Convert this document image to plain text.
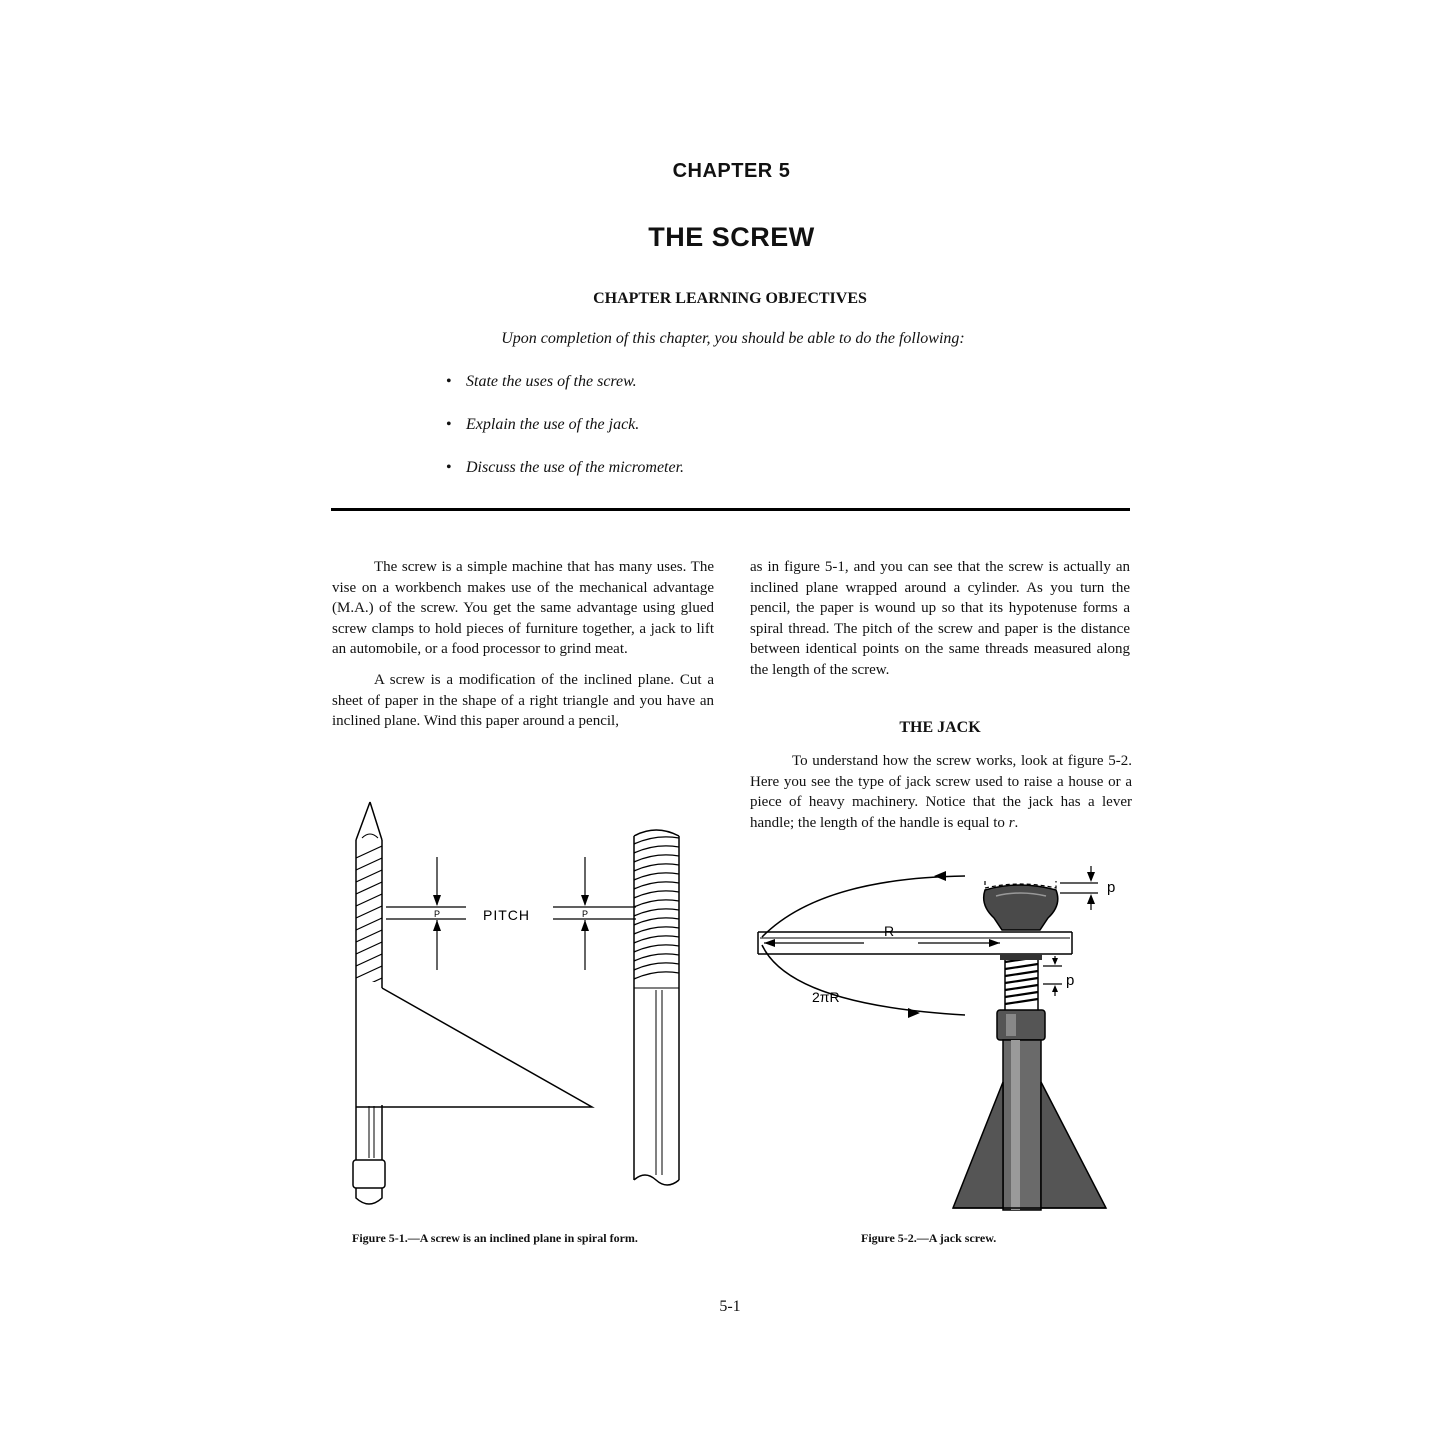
CHAPTER 5
THE SCREW
CHAPTER LEARNING OBJECTIVES
Upon completion of this chapter, you should be able to do the following:
• State the uses of the screw.
• Explain the use of the jack.
• Discuss the use of the micrometer.

The screw is a simple machine that has many uses. The vise on a workbench makes use of the mechanical advantage (M.A.) of the screw. You get the same advantage using glued screw clamps to hold pieces of furniture together, a jack to lift an automobile, or a food processor to grind meat.

A screw is a modification of the inclined plane. Cut a sheet of paper in the shape of a right triangle and you have an inclined plane. Wind this paper around a pencil,

as in figure 5-1, and you can see that the screw is actually an inclined plane wrapped around a cylinder. As you turn the pencil, the paper is wound up so that its hypotenuse forms a spiral thread. The pitch of the screw and paper is the distance between identical points on the same threads measured along the length of the screw.

THE JACK

To understand how the screw works, look at figure 5-2. Here you see the type of jack screw used to raise a house or a piece of heavy machinery. Notice that the jack has a lever handle; the length of the handle is equal to r.

P	P
PITCH
R
2πR
p
p
Figure 5-1.—A screw is an inclined plane in spiral form.	Figure 5-2.—A jack screw.
5-1
